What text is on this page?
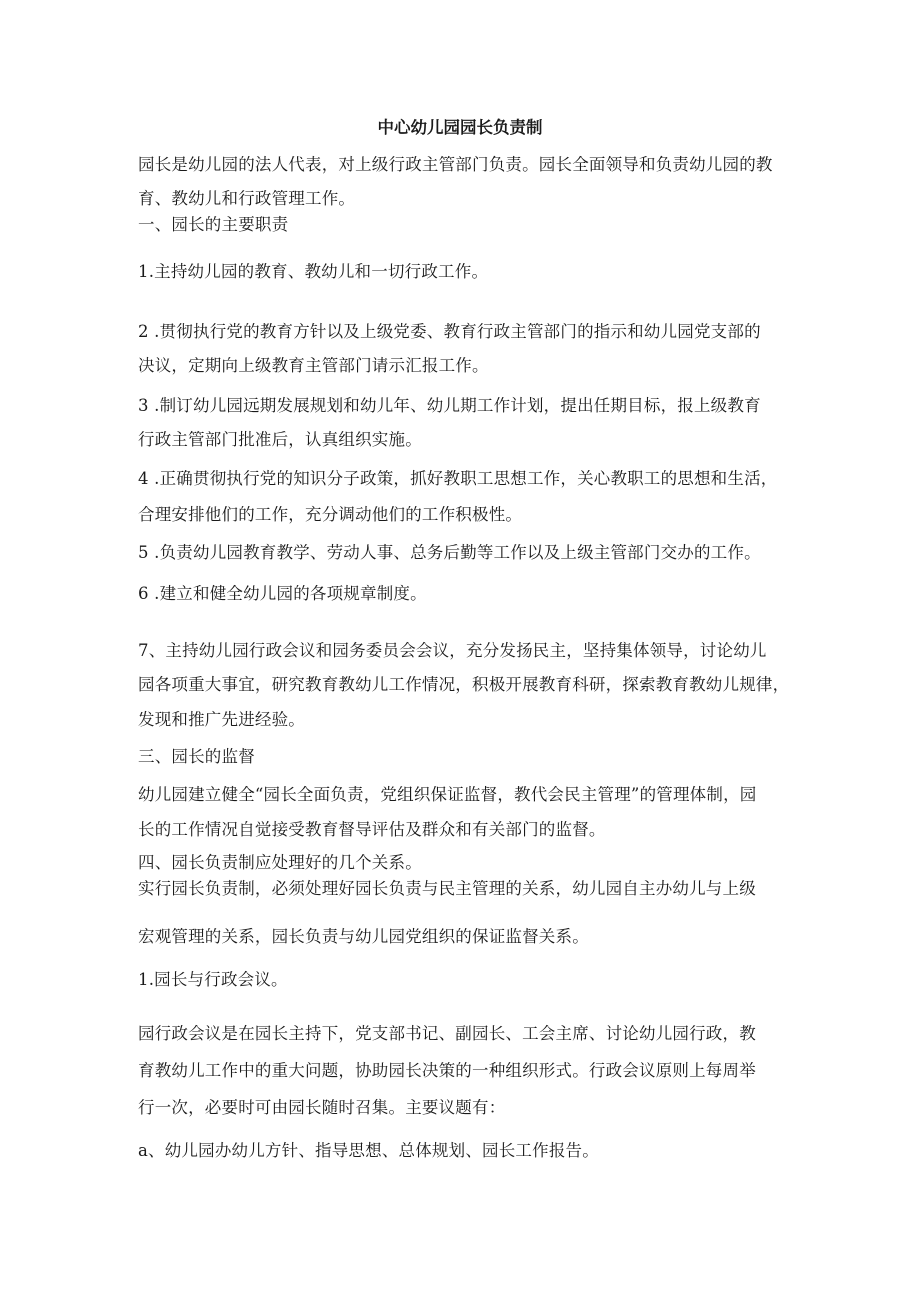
中心幼儿园园长负责制

园长是幼儿园的法人代表，对上级行政主管部门负责。园长全面领导和负责幼儿园的教

育、教幼儿和行政管理工作。

一、园长的主要职责

1.主持幼儿园的教育、教幼儿和一切行政工作。

2 .贯彻执行党的教育方针以及上级党委、教育行政主管部门的指示和幼儿园党支部的

决议，定期向上级教育主管部门请示汇报工作。

3 .制订幼儿园远期发展规划和幼儿年、幼儿期工作计划，提出任期目标，报上级教育

行政主管部门批准后，认真组织实施。

4 .正确贯彻执行党的知识分子政策，抓好教职工思想工作，关心教职工的思想和生活，

合理安排他们的工作，充分调动他们的工作积极性。

5 .负责幼儿园教育教学、劳动人事、总务后勤等工作以及上级主管部门交办的工作。

6 .建立和健全幼儿园的各项规章制度。

7、主持幼儿园行政会议和园务委员会会议，充分发扬民主，坚持集体领导，讨论幼儿

园各项重大事宜，研究教育教幼儿工作情况，积极开展教育科研，探索教育教幼儿规律，

发现和推广先进经验。

三、园长的监督

幼儿园建立健全“园长全面负责，党组织保证监督，教代会民主管理”的管理体制，园

长的工作情况自觉接受教育督导评估及群众和有关部门的监督。

四、园长负责制应处理好的几个关系。

实行园长负责制，必须处理好园长负责与民主管理的关系，幼儿园自主办幼儿与上级

宏观管理的关系，园长负责与幼儿园党组织的保证监督关系。

1.园长与行政会议。

园行政会议是在园长主持下，党支部书记、副园长、工会主席、讨论幼儿园行政，教

育教幼儿工作中的重大问题，协助园长决策的一种组织形式。行政会议原则上每周举

行一次，必要时可由园长随时召集。主要议题有：

a、幼儿园办幼儿方针、指导思想、总体规划、园长工作报告。
